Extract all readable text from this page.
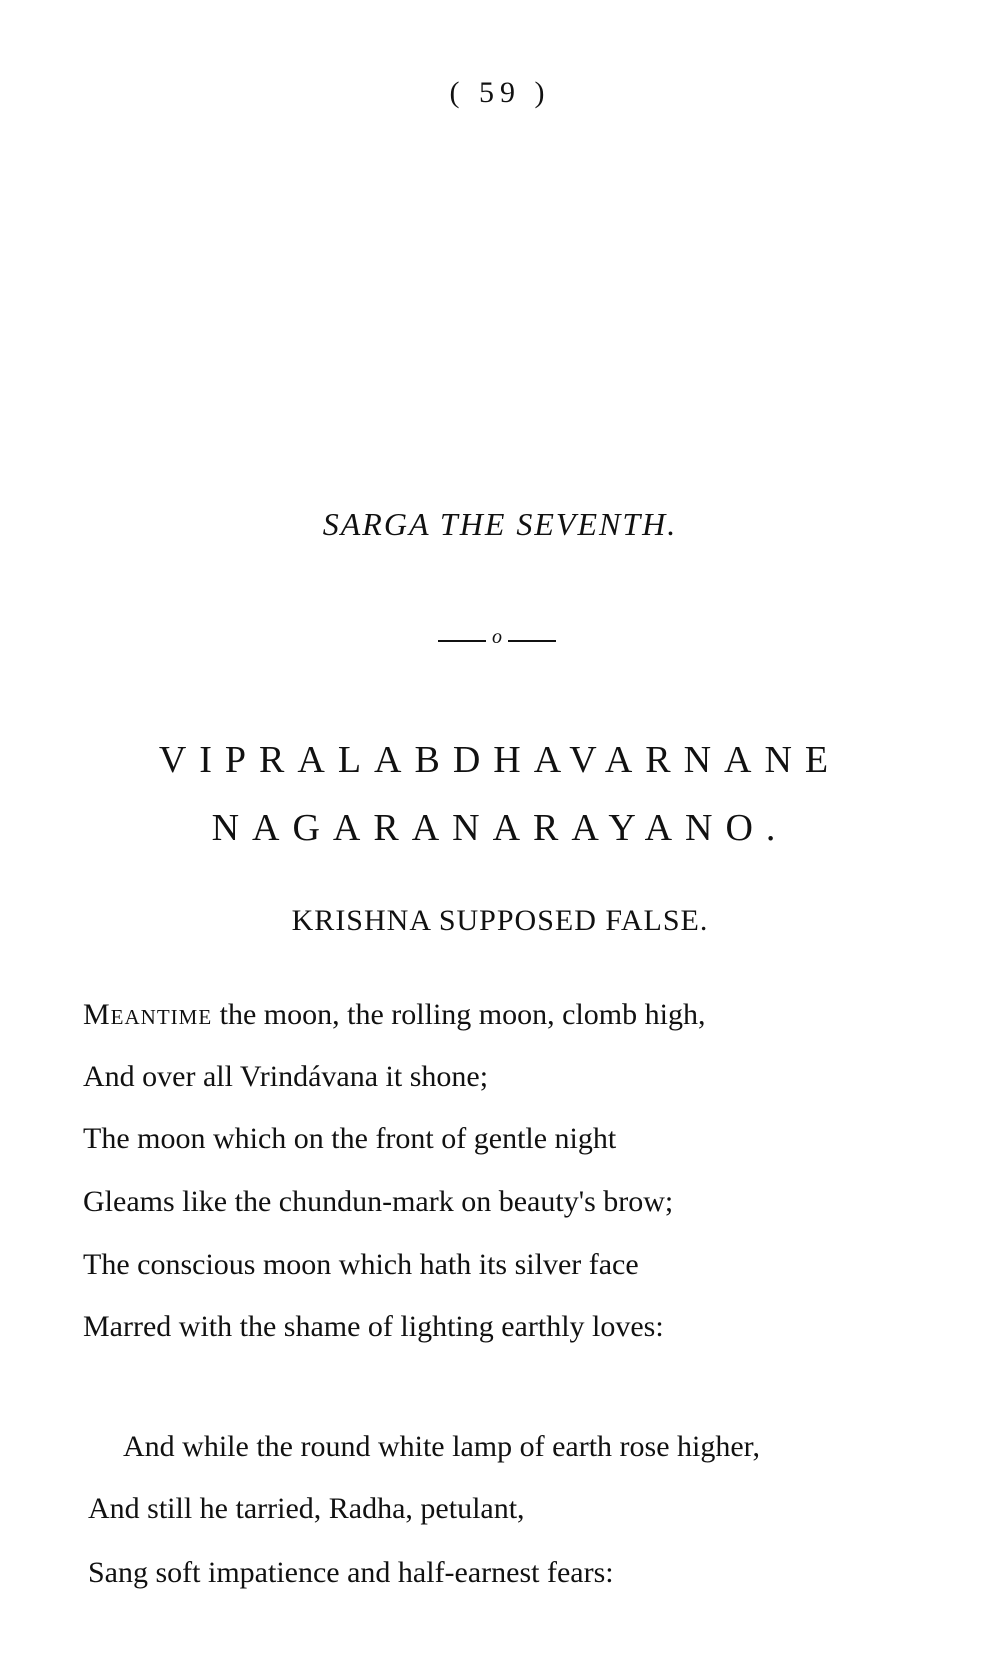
( 59 )
SARGA THE SEVENTH.
o
VIPRALABDHAVARNANE
NAGARANARAYANO.
KRISHNA SUPPOSED FALSE.
Meantime the moon, the rolling moon, clomb high,
And over all Vrindávana it shone;
The moon which on the front of gentle night
Gleams like the chundun-mark on beauty's brow;
The conscious moon which hath its silver face
Marred with the shame of lighting earthly loves:
And while the round white lamp of earth rose higher,
And still he tarried, Radha, petulant,
Sang soft impatience and half-earnest fears:
